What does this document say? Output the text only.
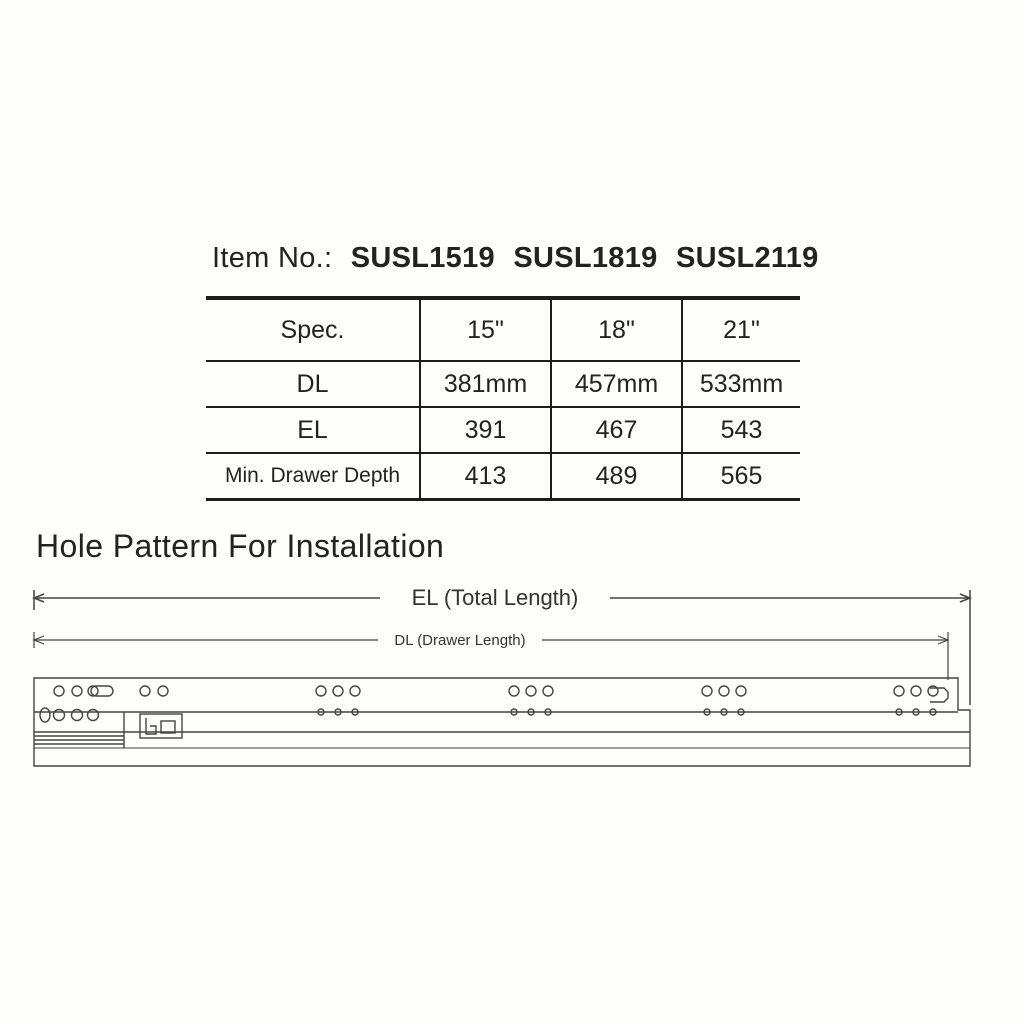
Item No.: SUSL1519 SUSL1819 SUSL2119
Spec.	15"	18"	21"
DL	381mm	457mm	533mm
EL	391	467	543
Min. Drawer Depth	413	489	565
Hole Pattern For Installation
EL (Total Length)
DL (Drawer Length)
